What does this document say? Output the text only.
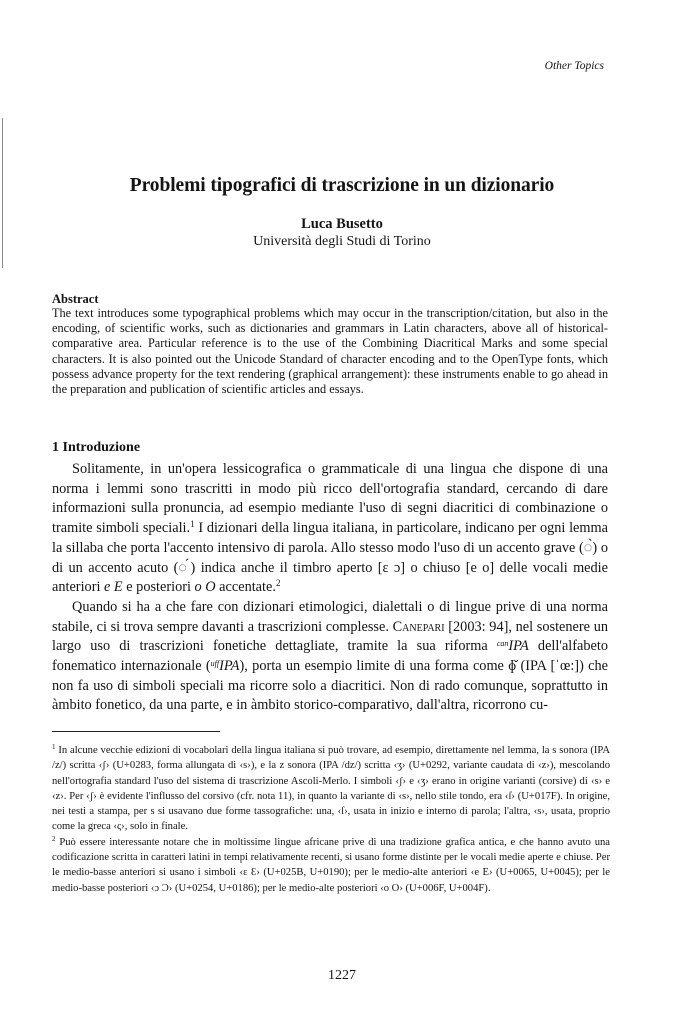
Other Topics
Problemi tipografici di trascrizione in un dizionario
Luca Busetto
Università degli Studi di Torino
Abstract
The text introduces some typographical problems which may occur in the transcription/citation, but also in the encoding, of scientific works, such as dictionaries and grammars in Latin characters, above all of historical-comparative area. Particular reference is to the use of the Combining Diacritical Marks and some special characters. It is also pointed out the Unicode Standard of character encoding and to the OpenType fonts, which possess advance property for the text rendering (graphical arrangement): these instruments enable to go ahead in the preparation and publication of scientific articles and essays.
1 Introduzione

Solitamente, in un'opera lessicografica o grammaticale di una lingua che dispone di una norma i lemmi sono trascritti in modo più ricco dell'ortografia standard, cercando di dare informazioni sulla pronuncia, ad esempio mediante l'uso di segni diacritici di combinazione o tramite simboli speciali.$^1$ I dizionari della lingua italiana, in particolare, indicano per ogni lemma la sillaba che porta l'accento intensivo di parola. Allo stesso modo l'uso di un accento grave (◌̀) o di un accento acuto (◌́) indica anche il timbro aperto [ɛ ɔ] o chiuso [e o] delle vocali medie anteriori e E e posteriori o O accentate.$^2$

Quando si ha a che fare con dizionari etimologici, dialettali o di lingue prive di una norma stabile, ci si trova sempre davanti a trascrizioni complesse. Canepari [2003: 94], nel sostenere un largo uso di trascrizioni fonetiche dettagliate, tramite la sua riforma $^{can}$IPA dell'alfabeto fonematico internazionale ($^{uff}$IPA), porta un esempio limite di una forma come ɸ̌ (IPA [ˈœ:]) che non fa uso di simboli speciali ma ricorre solo a diacritici. Non di rado comunque, soprattutto in àmbito fonetico, da una parte, e in àmbito storico-comparativo, dall'altra, ricorrono cu-

$^1$ In alcune vecchie edizioni di vocabolari della lingua italiana si può trovare, ad esempio, direttamente nel lemma, la s sonora (IPA /z/) scritta ‹ʃ› (U+0283, forma allungata di ‹s›), e la z sonora (IPA /dz/) scritta ‹ʒ› (U+0292, variante caudata di ‹z›), mescolando nell'ortografia standard l'uso del sistema di trascrizione Ascoli-Merlo. I simboli ‹ʃ› e ‹ʒ› erano in origine varianti (corsive) di ‹s› e ‹z›. Per ‹ʃ› è evidente l'influsso del corsivo (cfr. nota 11), in quanto la variante di ‹s›, nello stile tondo, era ‹ſ› (U+017F). In origine, nei testi a stampa, per s si usavano due forme tassografiche: una, ‹ſ›, usata in inizio e interno di parola; l'altra, ‹s›, usata, proprio come la greca ‹ς›, solo in finale.

$^2$ Può essere interessante notare che in moltissime lingue africane prive di una tradizione grafica antica, e che hanno avuto una codificazione scritta in caratteri latini in tempi relativamente recenti, si usano forme distinte per le vocali medie aperte e chiuse. Per le medio-basse anteriori si usano i simboli ‹ɛ Ɛ› (U+025B, U+0190); per le medio-alte anteriori ‹e E› (U+0065, U+0045); per le medio-basse posteriori ‹ɔ Ɔ› (U+0254, U+0186); per le medio-alte posteriori ‹o O› (U+006F, U+004F).

1227
